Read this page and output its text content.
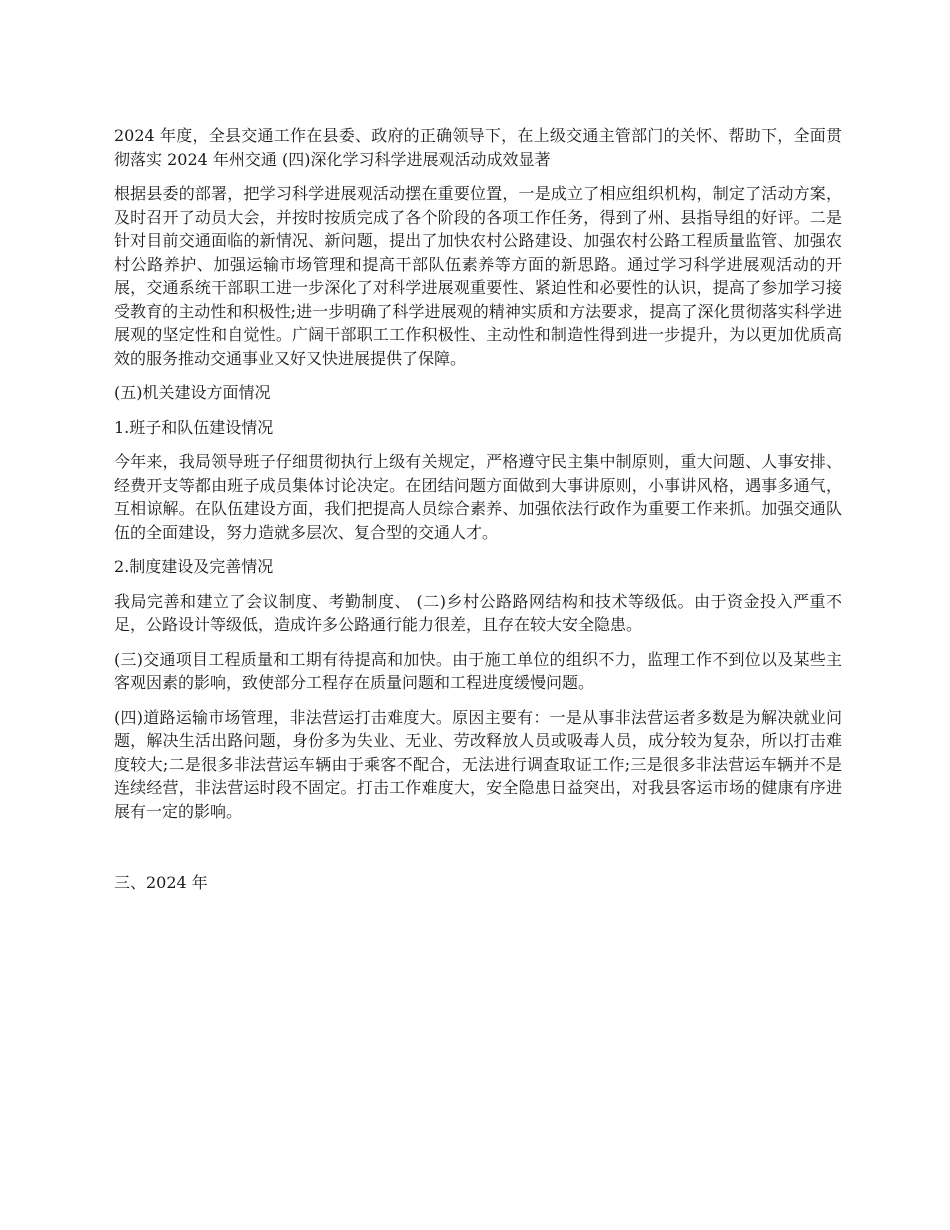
2024 年度，全县交通工作在县委、政府的正确领导下，在上级交通主管部门的关怀、帮助下，全面贯彻落实 2024 年州交通 (四)深化学习科学进展观活动成效显著

根据县委的部署，把学习科学进展观活动摆在重要位置，一是成立了相应组织机构，制定了活动方案，及时召开了动员大会，并按时按质完成了各个阶段的各项工作任务，得到了州、县指导组的好评。二是针对目前交通面临的新情况、新问题，提出了加快农村公路建设、加强农村公路工程质量监管、加强农村公路养护、加强运输市场管理和提高干部队伍素养等方面的新思路。通过学习科学进展观活动的开展，交通系统干部职工进一步深化了对科学进展观重要性、紧迫性和必要性的认识，提高了参加学习接受教育的主动性和积极性;进一步明确了科学进展观的精神实质和方法要求，提高了深化贯彻落实科学进展观的坚定性和自觉性。广阔干部职工工作积极性、主动性和制造性得到进一步提升，为以更加优质高效的服务推动交通事业又好又快进展提供了保障。

(五)机关建设方面情况

1.班子和队伍建设情况

今年来，我局领导班子仔细贯彻执行上级有关规定，严格遵守民主集中制原则，重大问题、人事安排、经费开支等都由班子成员集体讨论决定。在团结问题方面做到大事讲原则，小事讲风格，遇事多通气，互相谅解。在队伍建设方面，我们把提高人员综合素养、加强依法行政作为重要工作来抓。加强交通队伍的全面建设，努力造就多层次、复合型的交通人才。

2.制度建设及完善情况

我局完善和建立了会议制度、考勤制度、 (二)乡村公路路网结构和技术等级低。由于资金投入严重不足，公路设计等级低，造成许多公路通行能力很差，且存在较大安全隐患。

(三)交通项目工程质量和工期有待提高和加快。由于施工单位的组织不力，监理工作不到位以及某些主客观因素的影响，致使部分工程存在质量问题和工程进度缓慢问题。

(四)道路运输市场管理，非法营运打击难度大。原因主要有：一是从事非法营运者多数是为解决就业问题，解决生活出路问题，身份多为失业、无业、劳改释放人员或吸毒人员，成分较为复杂，所以打击难度较大;二是很多非法营运车辆由于乘客不配合，无法进行调查取证工作;三是很多非法营运车辆并不是连续经营，非法营运时段不固定。打击工作难度大，安全隐患日益突出，对我县客运市场的健康有序进展有一定的影响。

三、2024 年
